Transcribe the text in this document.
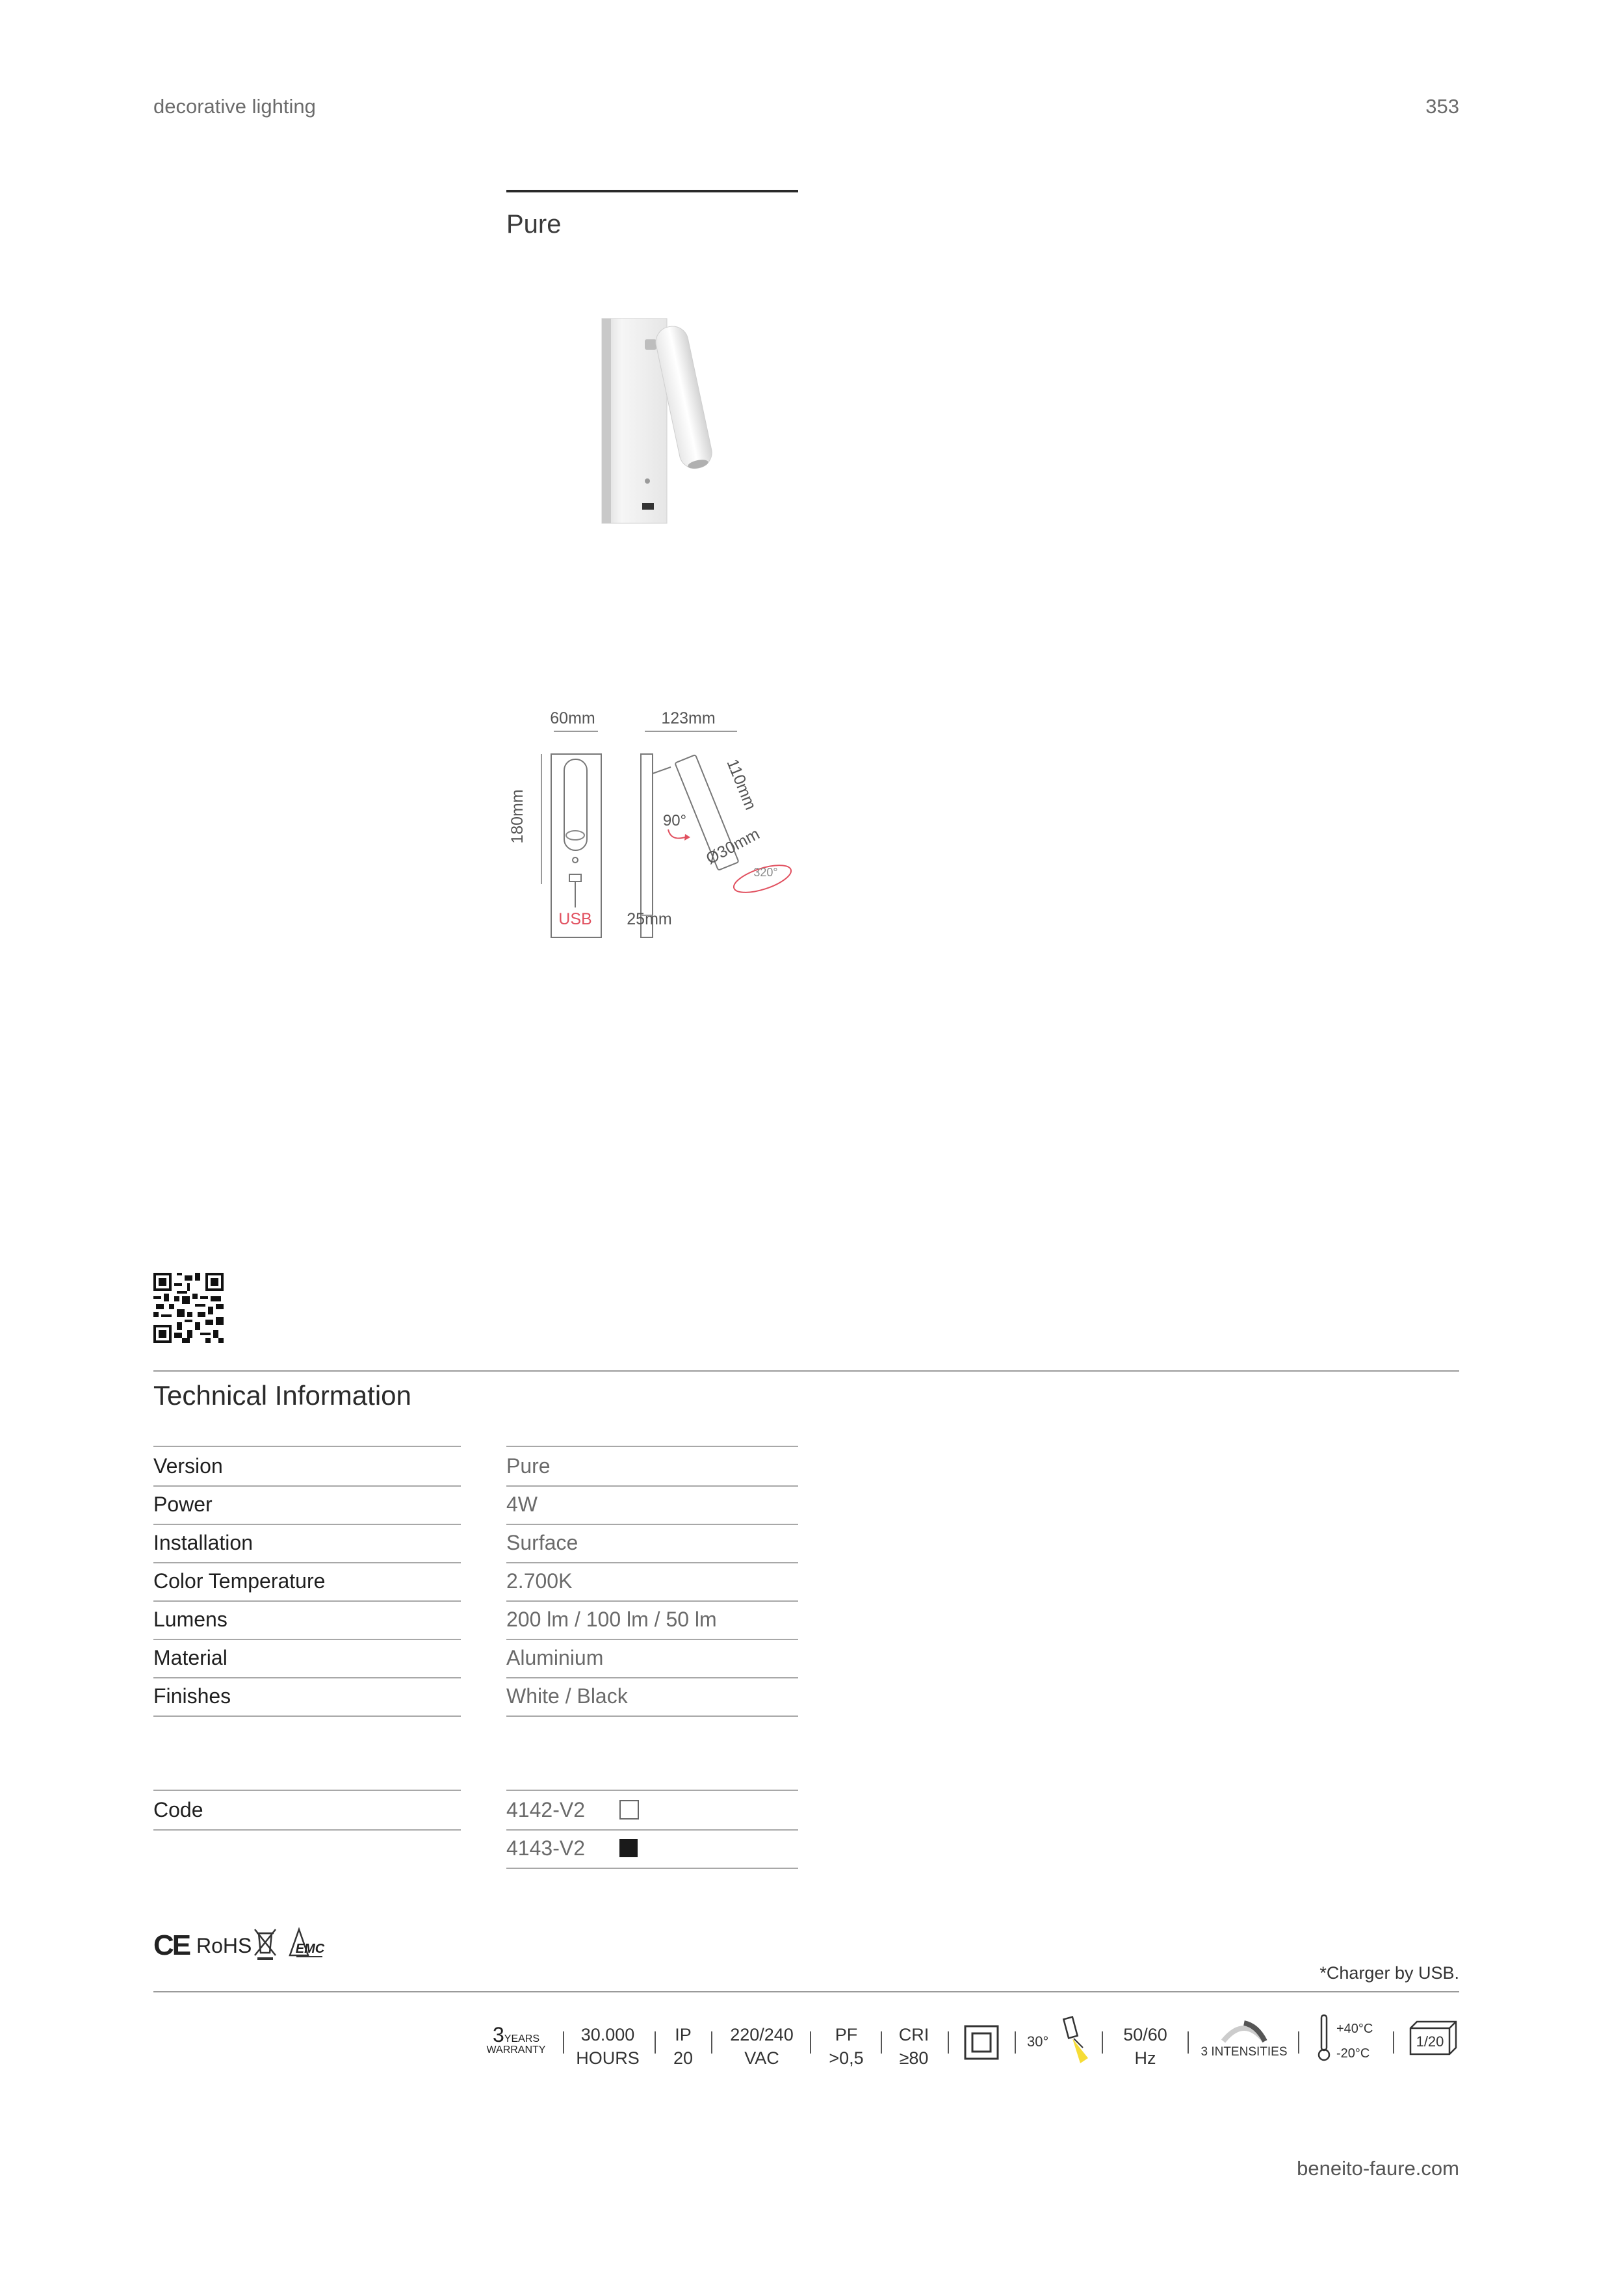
decorative lighting	353
Pure
60mm	123mm
180mm
USB
110mm
90°
Ø30mm
320°
25mm
Technical Information
Version	Pure
Power	4W
Installation	Surface
Color Temperature	2.700K
Lumens	200 lm / 100 lm / 50 lm
Material	Aluminium
Finishes	White / Black
Code	4142-V2
4143-V2
CE RoHS	EMC
*Charger by USB.
3YEARS
WARRANTY
30.000
HOURS
IP
20
220/240
VAC
PF
>0,5
CRI
≥80
30°	50/60
Hz	3 INTENSITIES
+40°C
-20°C
1/20
beneito-faure.com
